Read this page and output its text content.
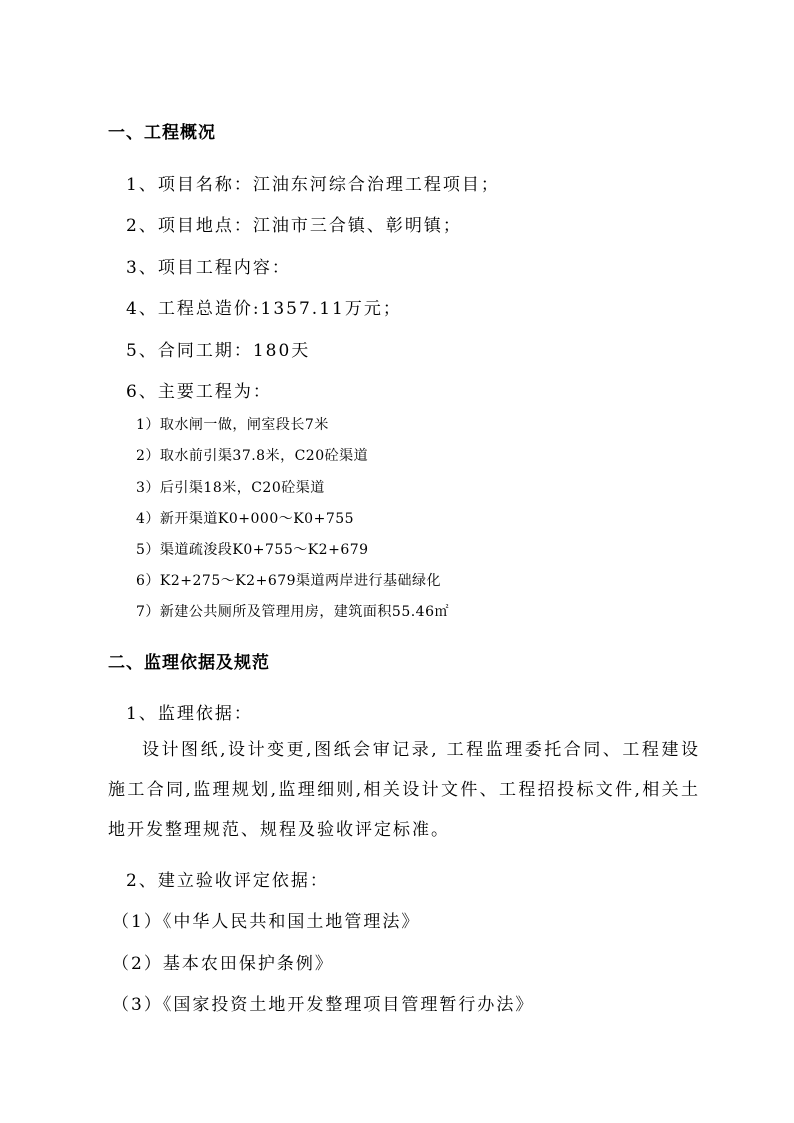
一、工程概况
1、项目名称：江油东河综合治理工程项目；
2、项目地点：江油市三合镇、彰明镇；
3、项目工程内容：
4、工程总造价:1357.11万元；
5、合同工期：180天
6、主要工程为：
1）取水闸一做，闸室段长7米
2）取水前引渠37.8米，C20砼渠道
3）后引渠18米，C20砼渠道
4）新开渠道K0+000～K0+755
5）渠道疏浚段K0+755～K2+679
6）K2+275～K2+679渠道两岸进行基础绿化
7）新建公共厕所及管理用房，建筑面积55.46㎡
二、监理依据及规范
1、监理依据：
设计图纸,设计变更,图纸会审记录, 工程监理委托合同、工程建设施工合同,监理规划,监理细则,相关设计文件、工程招投标文件,相关土地开发整理规范、规程及验收评定标准。
2、建立验收评定依据：
（1）《中华人民共和国土地管理法》
（2）基本农田保护条例》
（3）《国家投资土地开发整理项目管理暂行办法》
